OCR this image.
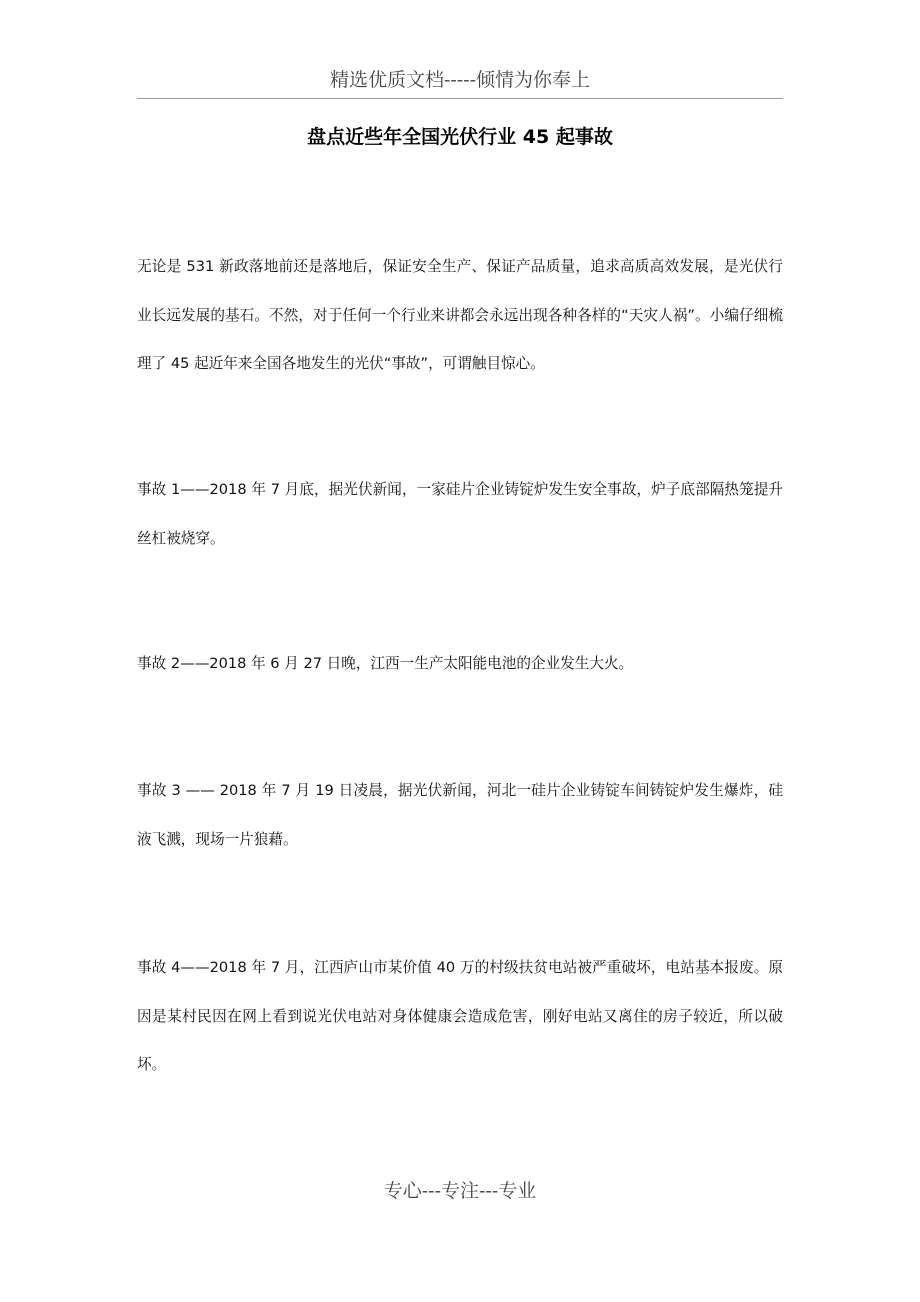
精选优质文档-----倾情为你奉上
盘点近些年全国光伏行业 45 起事故

无论是 531 新政落地前还是落地后，保证安全生产、保证产品质量，追求高质高效发展，是光伏行业长远发展的基石。不然，对于任何一个行业来讲都会永远出现各种各样的“天灾人祸”。小编仔细梳理了 45 起近年来全国各地发生的光伏“事故”，可谓触目惊心。

事故 1——2018 年 7 月底，据光伏新闻，一家硅片企业铸锭炉发生安全事故，炉子底部隔热笼提升丝杠被烧穿。

事故 2——2018 年 6 月 27 日晚，江西一生产太阳能电池的企业发生大火。

事故 3 —— 2018 年 7 月 19 日凌晨，据光伏新闻，河北一硅片企业铸锭车间铸锭炉发生爆炸，硅液飞溅，现场一片狼藉。

事故 4——2018 年 7 月，江西庐山市某价值 40 万的村级扶贫电站被严重破坏，电站基本报废。原因是某村民因在网上看到说光伏电站对身体健康会造成危害，刚好电站又离住的房子较近，所以破坏。

专心---专注---专业
